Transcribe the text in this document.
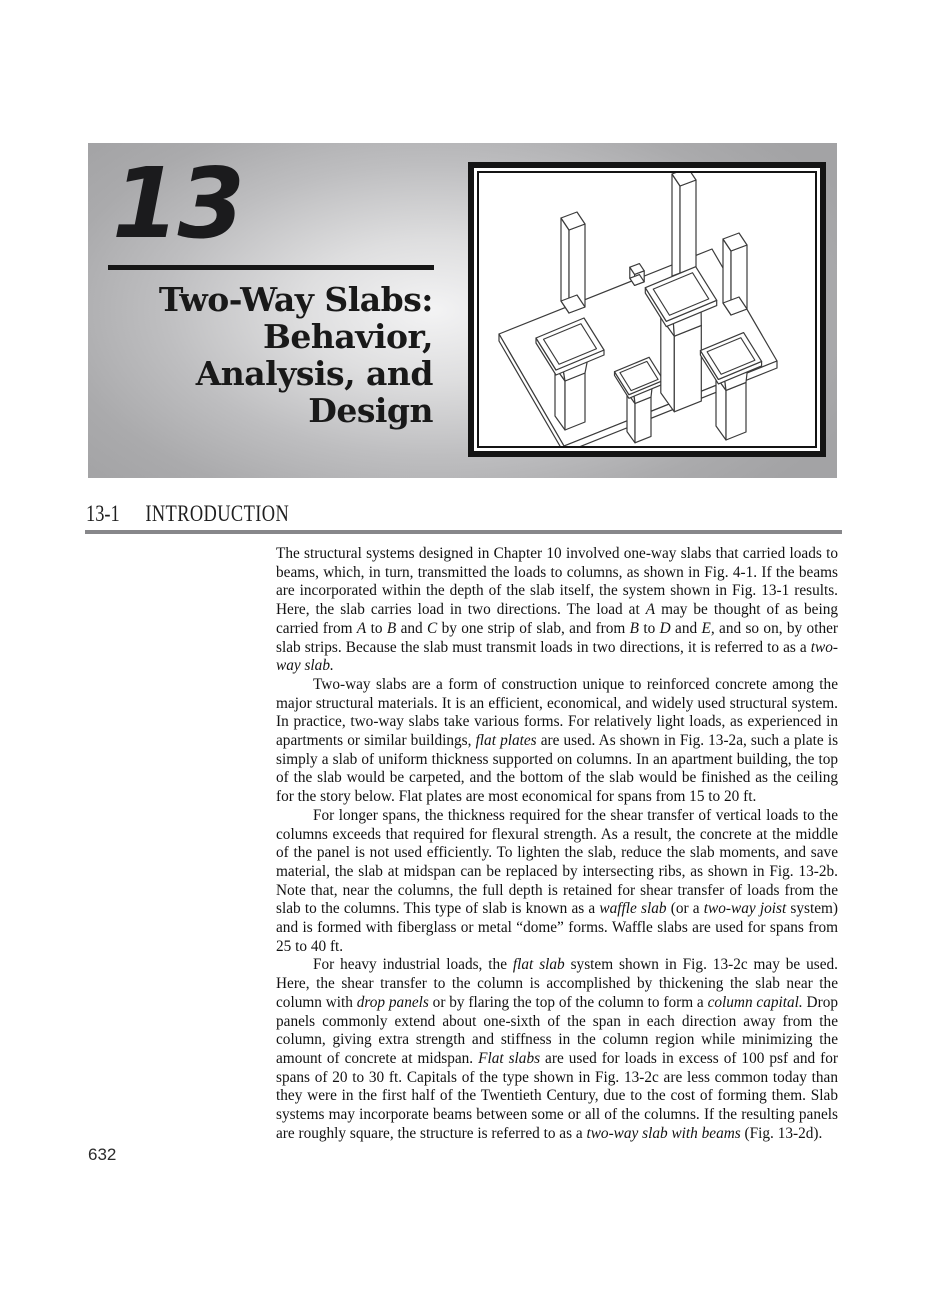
13
Two-Way Slabs:
Behavior,
Analysis, and
Design
13-1 INTRODUCTION

The structural systems designed in Chapter 10 involved one-way slabs that carried loads to beams, which, in turn, transmitted the loads to columns, as shown in Fig. 4-1. If the beams are incorporated within the depth of the slab itself, the system shown in Fig. 13-1 results. Here, the slab carries load in two directions. The load at A may be thought of as being carried from A to B and C by one strip of slab, and from B to D and E, and so on, by other slab strips. Because the slab must transmit loads in two directions, it is referred to as a two-way slab.

Two-way slabs are a form of construction unique to reinforced concrete among the major structural materials. It is an efficient, economical, and widely used structural system. In practice, two-way slabs take various forms. For relatively light loads, as experienced in apartments or similar buildings, flat plates are used. As shown in Fig. 13-2a, such a plate is simply a slab of uniform thickness supported on columns. In an apartment building, the top of the slab would be carpeted, and the bottom of the slab would be finished as the ceiling for the story below. Flat plates are most economical for spans from 15 to 20 ft.

For longer spans, the thickness required for the shear transfer of vertical loads to the columns exceeds that required for flexural strength. As a result, the concrete at the middle of the panel is not used efficiently. To lighten the slab, reduce the slab moments, and save material, the slab at midspan can be replaced by intersecting ribs, as shown in Fig. 13-2b. Note that, near the columns, the full depth is retained for shear transfer of loads from the slab to the columns. This type of slab is known as a waffle slab (or a two-way joist system) and is formed with fiberglass or metal “dome” forms. Waffle slabs are used for spans from 25 to 40 ft.

For heavy industrial loads, the flat slab system shown in Fig. 13-2c may be used. Here, the shear transfer to the column is accomplished by thickening the slab near the column with drop panels or by flaring the top of the column to form a column capital. Drop panels commonly extend about one-sixth of the span in each direction away from the column, giving extra strength and stiffness in the column region while minimizing the amount of concrete at midspan. Flat slabs are used for loads in excess of 100 psf and for spans of 20 to 30 ft. Capitals of the type shown in Fig. 13-2c are less common today than they were in the first half of the Twentieth Century, due to the cost of forming them. Slab systems may incorporate beams between some or all of the columns. If the resulting panels are roughly square, the structure is referred to as a two-way slab with beams (Fig. 13-2d).

632
